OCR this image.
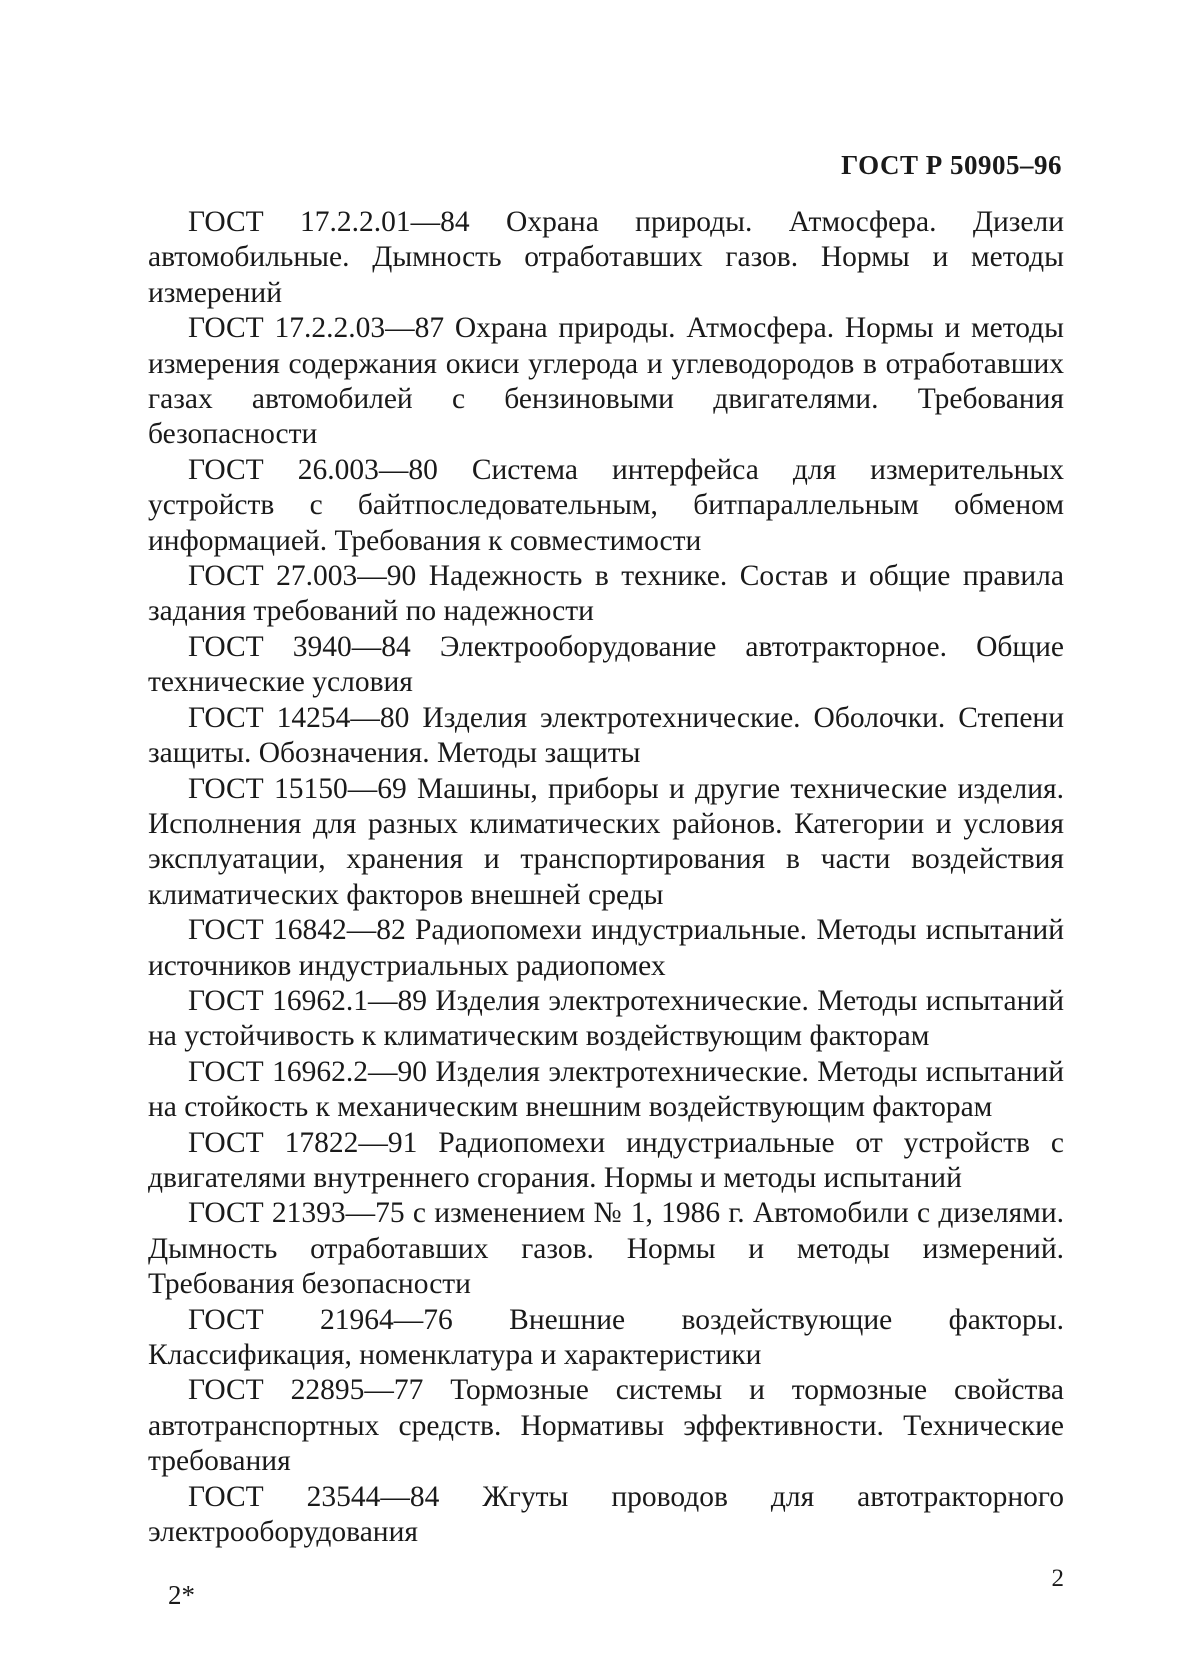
ГОСТ Р 50905–96

ГОСТ 17.2.2.01—84 Охрана природы. Атмосфера. Дизели автомобильные. Дымность отработавших газов. Нормы и методы измерений

ГОСТ 17.2.2.03—87 Охрана природы. Атмосфера. Нормы и методы измерения содержания окиси углерода и углеводородов в отработавших газах автомобилей с бензиновыми двигателями. Требования безопасности

ГОСТ 26.003—80 Система интерфейса для измерительных устройств с байтпоследовательным, битпараллельным обменом информацией. Требования к совместимости

ГОСТ 27.003—90 Надежность в технике. Состав и общие правила задания требований по надежности

ГОСТ 3940—84 Электрооборудование автотракторное. Общие технические условия

ГОСТ 14254—80 Изделия электротехнические. Оболочки. Степени защиты. Обозначения. Методы защиты

ГОСТ 15150—69 Машины, приборы и другие технические изделия. Исполнения для разных климатических районов. Категории и условия эксплуатации, хранения и транспортирования в части воздействия климатических факторов внешней среды

ГОСТ 16842—82 Радиопомехи индустриальные. Методы испытаний источников индустриальных радиопомех

ГОСТ 16962.1—89 Изделия электротехнические. Методы испытаний на устойчивость к климатическим воздействующим факторам

ГОСТ 16962.2—90 Изделия электротехнические. Методы испытаний на стойкость к механическим внешним воздействующим факторам

ГОСТ 17822—91 Радиопомехи индустриальные от устройств с двигателями внутреннего сгорания. Нормы и методы испытаний

ГОСТ 21393—75 с изменением № 1, 1986 г. Автомобили с дизелями. Дымность отработавших газов. Нормы и методы измерений. Требования безопасности

ГОСТ 21964—76 Внешние воздействующие факторы. Классификация, номенклатура и характеристики

ГОСТ 22895—77 Тормозные системы и тормозные свойства автотранспортных средств. Нормативы эффективности. Технические требования

ГОСТ 23544—84 Жгуты проводов для автотракторного электрооборудования

2*
2
